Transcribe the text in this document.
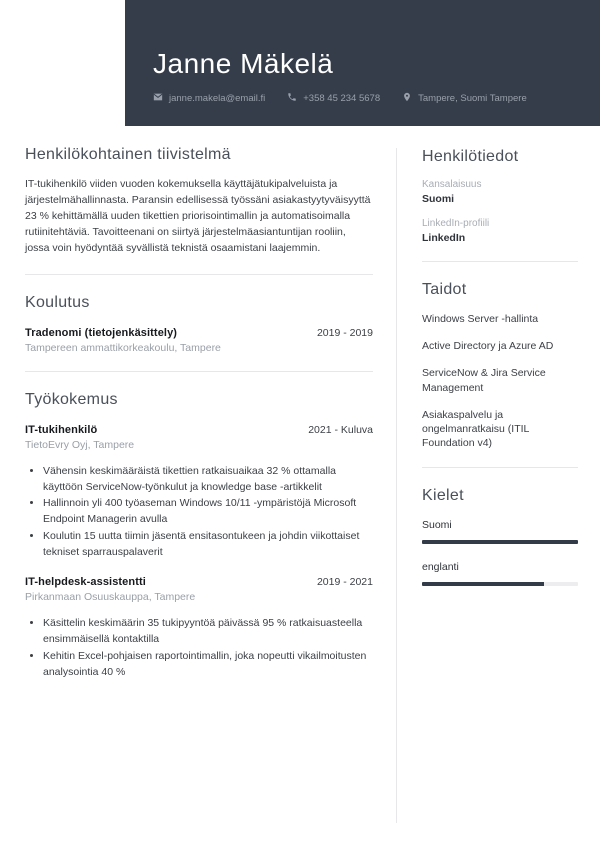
Janne Mäkelä
janne.makela@email.fi	+358 45 234 5678	Tampere, Suomi Tampere
Henkilökohtainen tiivistelmä

IT-tukihenkilö viiden vuoden kokemuksella käyttäjätukipalveluista ja järjestelmähallinnasta. Paransin edellisessä työssäni asiakastyytyväisyyttä 23 % kehittämällä uuden tikettien priorisointimallin ja automatisoimalla rutiinitehtäviä. Tavoitteenani on siirtyä järjestelmäasiantuntijan rooliin, jossa voin hyödyntää syvällistä teknistä osaamistani laajemmin.

Koulutus
Tradenomi (tietojenkäsittely)	2019 - 2019
Tampereen ammattikorkeakoulu, Tampere
Työkokemus
IT-tukihenkilö	2021 - Kuluva
TietoEvry Oyj, Tampere
• Vähensin keskimääräistä tikettien ratkaisuaikaa 32 % ottamalla käyttöön ServiceNow-työnkulut ja knowledge base -artikkelit
• Hallinnoin yli 400 työaseman Windows 10/11 -ympäristöjä Microsoft Endpoint Managerin avulla
• Koulutin 15 uutta tiimin jäsentä ensitasontukeen ja johdin viikottaiset tekniset sparrauspalaverit
IT-helpdesk-assistentti	2019 - 2021
Pirkanmaan Osuuskauppa, Tampere
• Käsittelin keskimäärin 35 tukipyyntöä päivässä 95 % ratkaisuasteella ensimmäisellä kontaktilla
• Kehitin Excel-pohjaisen raportointimallin, joka nopeutti vikailmoitusten analysointia 40 %
Henkilötiedot
Kansalaisuus
Suomi
LinkedIn-profiili
LinkedIn
Taidot
Windows Server -hallinta
Active Directory ja Azure AD
ServiceNow & Jira Service Management
Asiakaspalvelu ja ongelmanratkaisu (ITIL Foundation v4)
Kielet
Suomi
englanti
